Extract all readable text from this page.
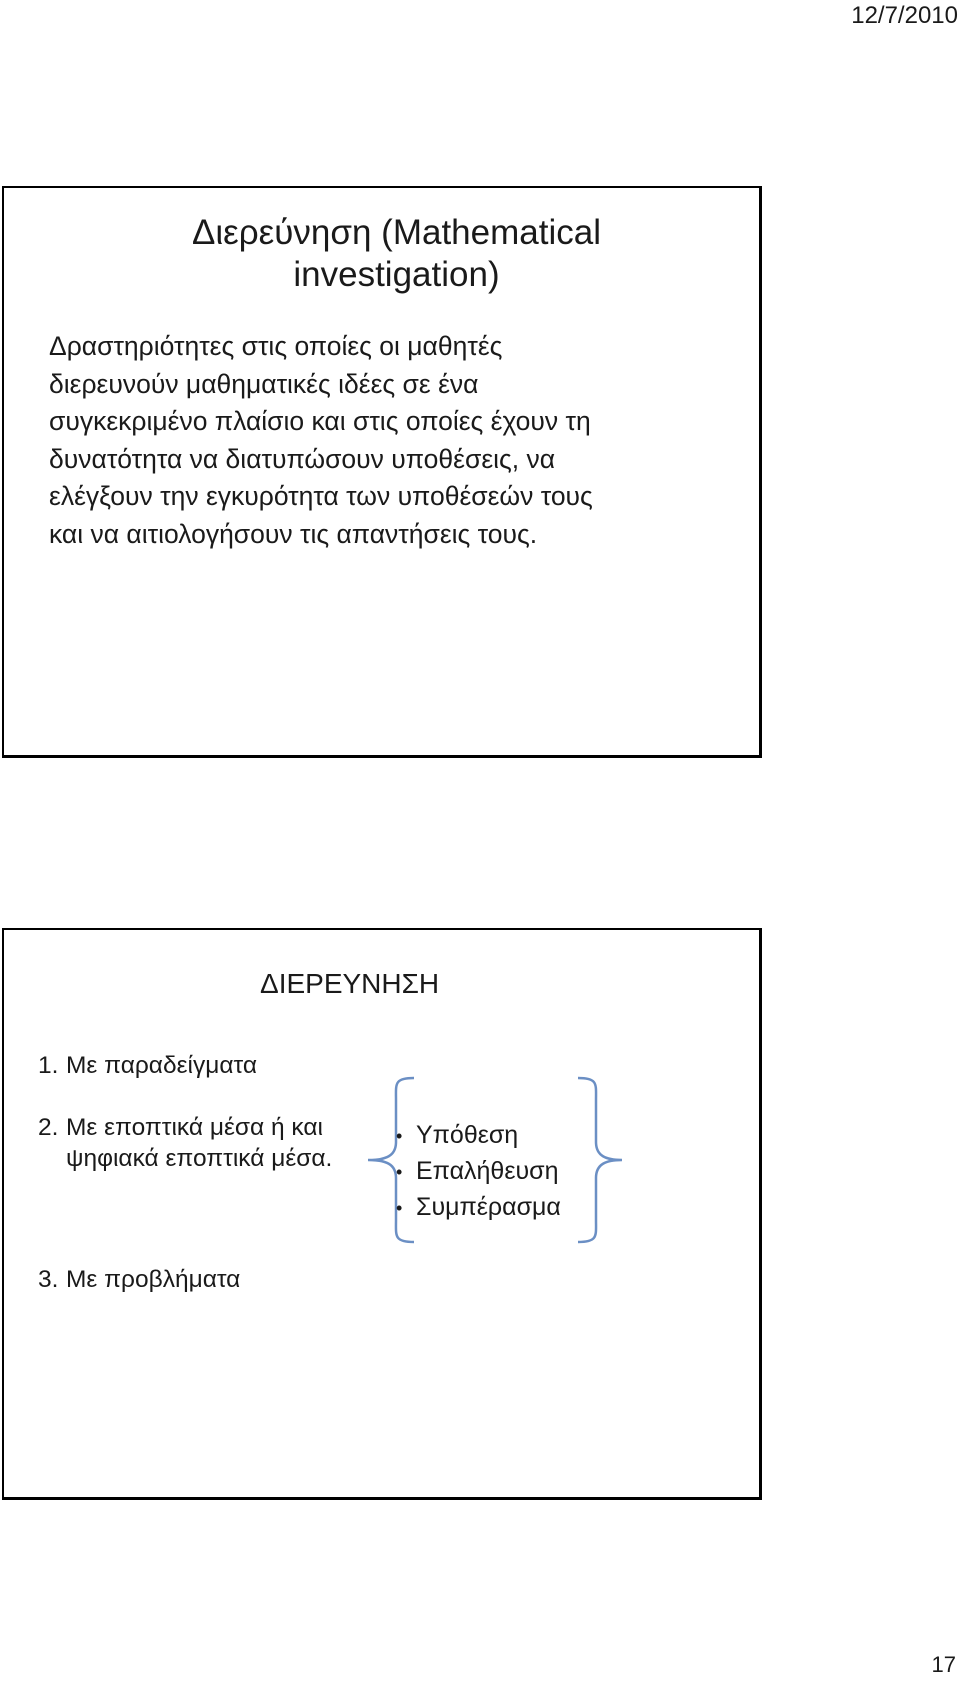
12/7/2010
Διερεύνηση (Mathematical
investigation)
Δραστηριότητες στις οποίες οι μαθητές
διερευνούν μαθηματικές ιδέες σε ένα
συγκεκριμένο πλαίσιο και στις οποίες έχουν τη
δυνατότητα να διατυπώσουν υποθέσεις, να
ελέγξουν την εγκυρότητα των υποθέσεών τους
και να αιτιολογήσουν τις απαντήσεις τους.
ΔΙΕΡΕΥΝΗΣΗ
1. Με παραδείγματα
2. Με εποπτικά μέσα ή και ψηφιακά εποπτικά μέσα.
3. Με προβλήματα
• Υπόθεση
• Επαλήθευση
• Συμπέρασμα
17
